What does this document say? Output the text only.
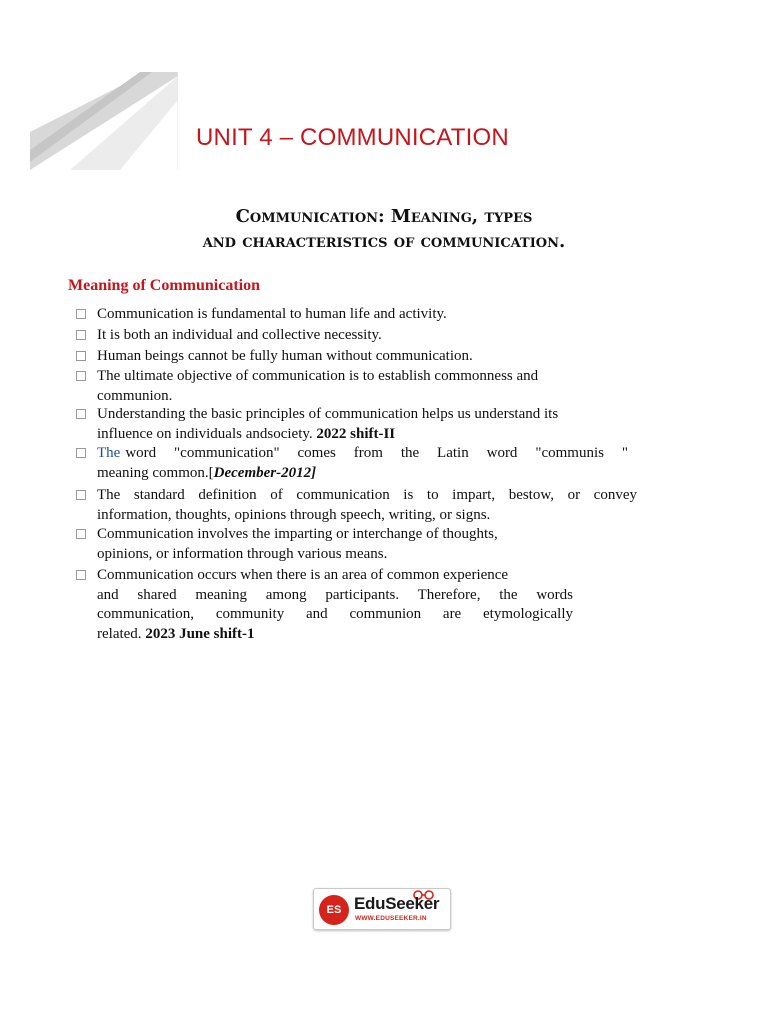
UNIT 4 – COMMUNICATION
Communication: Meaning, types
and characteristics of communication.
Meaning of Communication
Communication is fundamental to human life and activity.
It is both an individual and collective necessity.
Human beings cannot be fully human without communication.
The ultimate objective of communication is to establish commonness and
communion.
Understanding the basic principles of communication helps us understand its
influence on individuals andsociety. 2022 shift-II
The word "communication" comes from the Latin word "communis "
meaning common.[December-2012]
The standard definition of communication is to impart, bestow, or convey
information, thoughts, opinions through speech, writing, or signs.
Communication involves the imparting or interchange of thoughts,
opinions, or information through various means.
Communication occurs when there is an area of common experience
and shared meaning among participants. Therefore, the words
communication, community and communion are etymologically
related. 2023 June shift-1
ES EduSeeker
WWW.EDUSEEKER.IN
